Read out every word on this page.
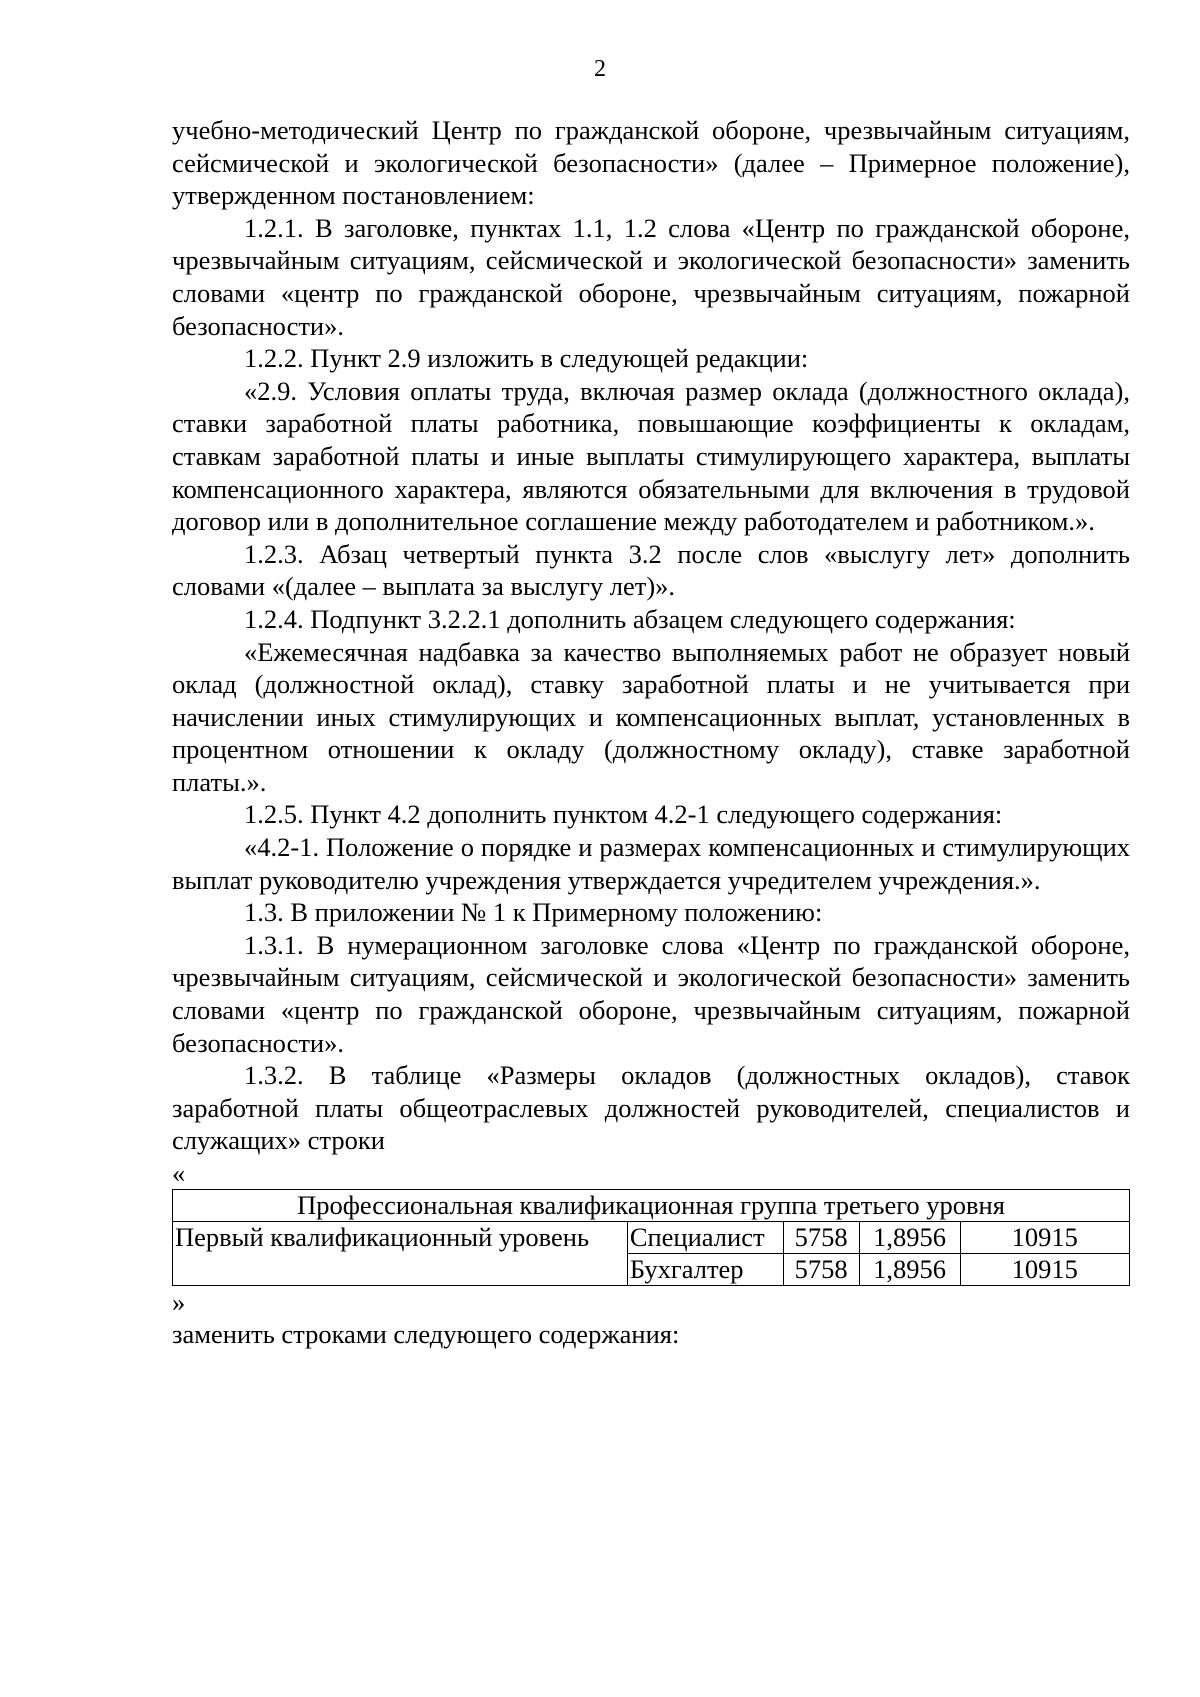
2

учебно-методический Центр по гражданской обороне, чрезвычайным ситуациям, сейсмической и экологической безопасности» (далее – Примерное положение), утвержденном постановлением:

1.2.1. В заголовке, пунктах 1.1, 1.2 слова «Центр по гражданской обороне, чрезвычайным ситуациям, сейсмической и экологической безопасности» заменить словами «центр по гражданской обороне, чрезвычайным ситуациям, пожарной безопасности».

1.2.2. Пункт 2.9 изложить в следующей редакции:

«2.9. Условия оплаты труда, включая размер оклада (должностного оклада), ставки заработной платы работника, повышающие коэффициенты к окладам, ставкам заработной платы и иные выплаты стимулирующего характера, выплаты компенсационного характера, являются обязательными для включения в трудовой договор или в дополнительное соглашение между работодателем и работником.».

1.2.3. Абзац четвертый пункта 3.2 после слов «выслугу лет» дополнить словами «(далее – выплата за выслугу лет)».

1.2.4. Подпункт 3.2.2.1 дополнить абзацем следующего содержания:

«Ежемесячная надбавка за качество выполняемых работ не образует новый оклад (должностной оклад), ставку заработной платы и не учитывается при начислении иных стимулирующих и компенсационных выплат, установленных в процентном отношении к окладу (должностному окладу), ставке заработной платы.».

1.2.5. Пункт 4.2 дополнить пунктом 4.2-1 следующего содержания:

«4.2-1. Положение о порядке и размерах компенсационных и стимулирующих выплат руководителю учреждения утверждается учредителем учреждения.».

1.3. В приложении № 1 к Примерному положению:

1.3.1. В нумерационном заголовке слова «Центр по гражданской обороне, чрезвычайным ситуациям, сейсмической и экологической безопасности» заменить словами «центр по гражданской обороне, чрезвычайным ситуациям, пожарной безопасности».

1.3.2. В таблице «Размеры окладов (должностных окладов), ставок заработной платы общеотраслевых должностей руководителей, специалистов и служащих» строки

«

Профессиональная квалификационная группа третьего уровня				
Первый квалификационный уровень	Специалист	5758	1,8956	10915
	Бухгалтер	5758	1,8956	10915

»

заменить строками следующего содержания:
